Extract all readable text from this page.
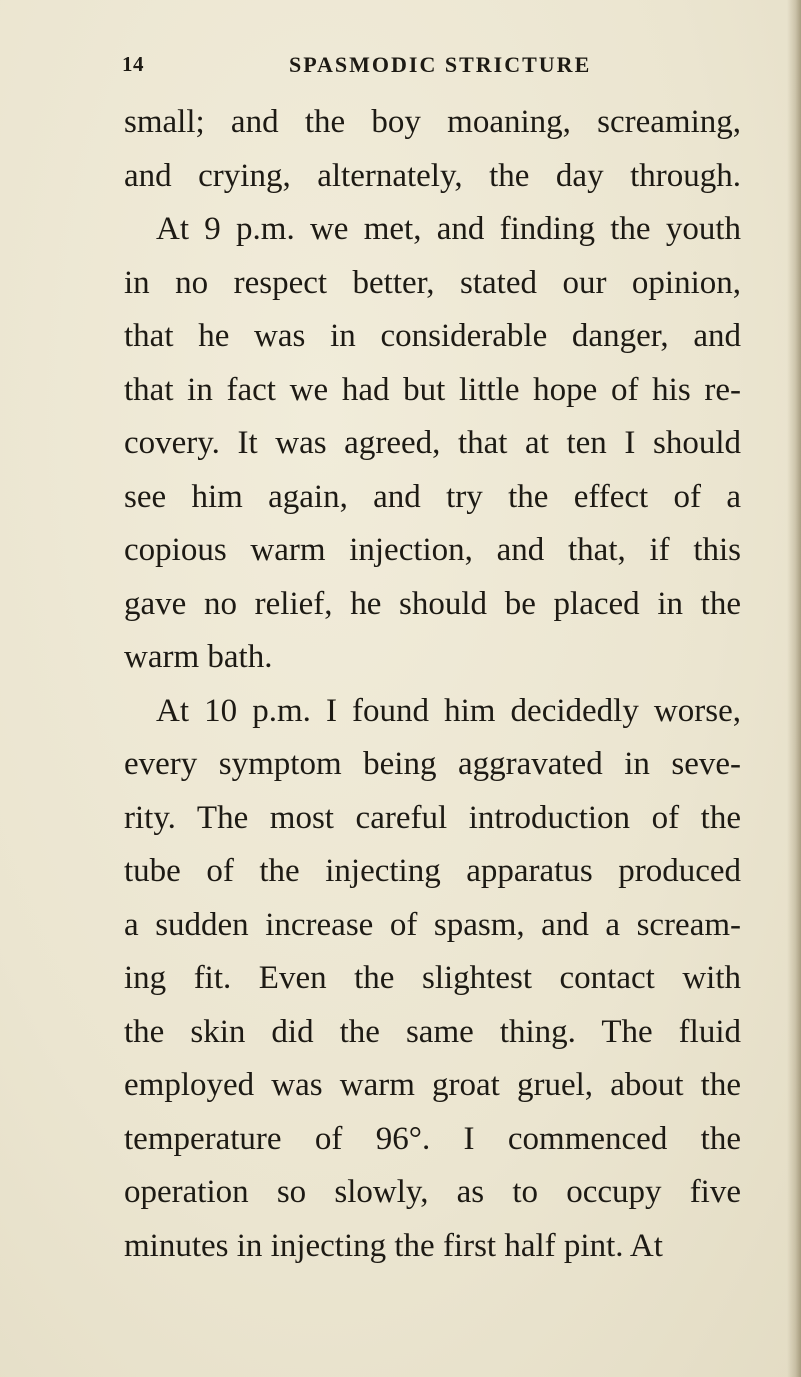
14	SPASMODIC STRICTURE
small; and the boy moaning, screaming,
and crying, alternately, the day through.
At 9 p.m. we met, and finding the youth
in no respect better, stated our opinion,
that he was in considerable danger, and
that in fact we had but little hope of his re-
covery. It was agreed, that at ten I should
see him again, and try the effect of a
copious warm injection, and that, if this
gave no relief, he should be placed in the
warm bath.
At 10 p.m. I found him decidedly worse,
every symptom being aggravated in seve-
rity. The most careful introduction of the
tube of the injecting apparatus produced
a sudden increase of spasm, and a scream-
ing fit. Even the slightest contact with
the skin did the same thing. The fluid
employed was warm groat gruel, about the
temperature of 96°. I commenced the
operation so slowly, as to occupy five
minutes in injecting the first half pint. At
